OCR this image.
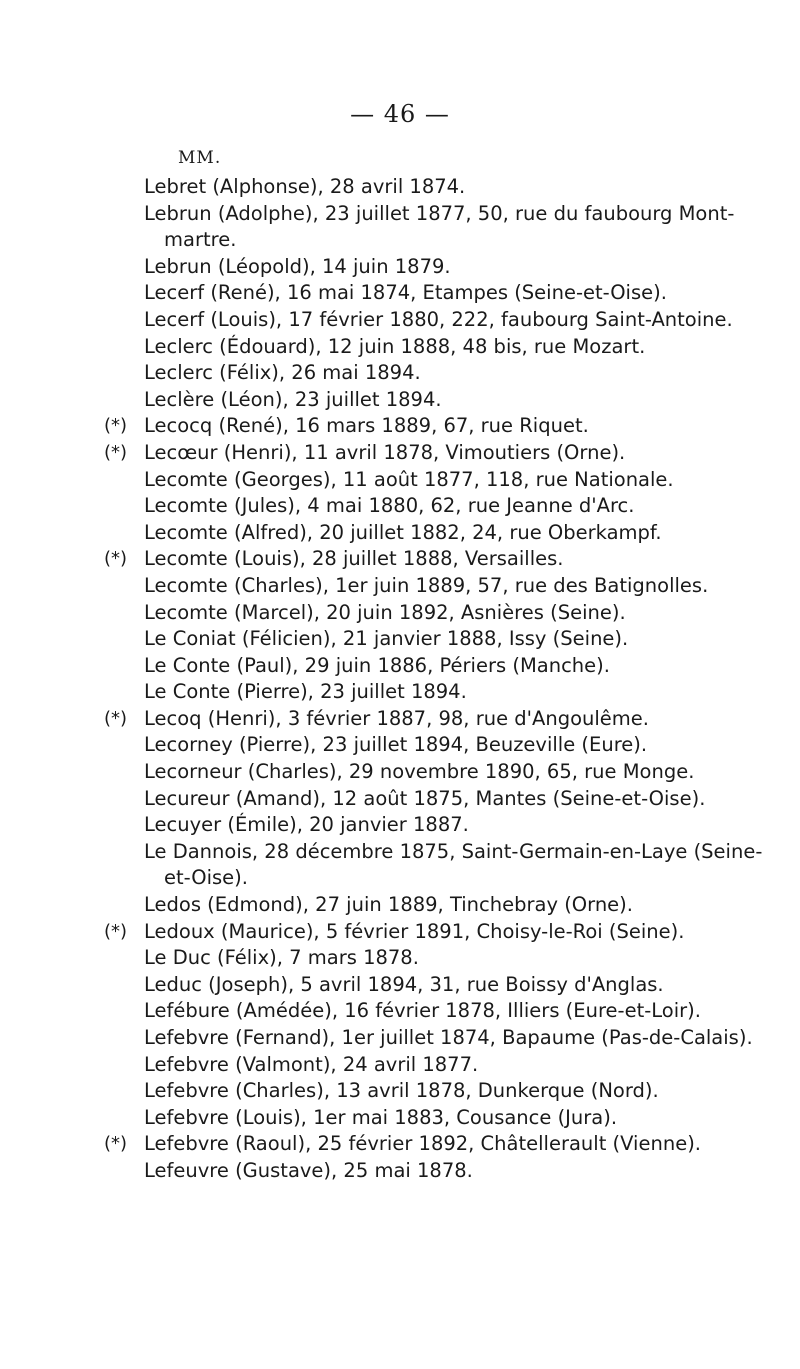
— 46 —
MM.
Lebret (Alphonse), 28 avril 1874.
Lebrun (Adolphe), 23 juillet 1877, 50, rue du faubourg Mont-
martre.
Lebrun (Léopold), 14 juin 1879.
Lecerf (René), 16 mai 1874, Etampes (Seine-et-Oise).
Lecerf (Louis), 17 février 1880, 222, faubourg Saint-Antoine.
Leclerc (Édouard), 12 juin 1888, 48 bis, rue Mozart.
Leclerc (Félix), 26 mai 1894.
Leclère (Léon), 23 juillet 1894.
(*) Lecocq (René), 16 mars 1889, 67, rue Riquet.
(*) Lecœur (Henri), 11 avril 1878, Vimoutiers (Orne).
Lecomte (Georges), 11 août 1877, 118, rue Nationale.
Lecomte (Jules), 4 mai 1880, 62, rue Jeanne d'Arc.
Lecomte (Alfred), 20 juillet 1882, 24, rue Oberkampf.
(*) Lecomte (Louis), 28 juillet 1888, Versailles.
Lecomte (Charles), 1er juin 1889, 57, rue des Batignolles.
Lecomte (Marcel), 20 juin 1892, Asnières (Seine).
Le Coniat (Félicien), 21 janvier 1888, Issy (Seine).
Le Conte (Paul), 29 juin 1886, Périers (Manche).
Le Conte (Pierre), 23 juillet 1894.
(*) Lecoq (Henri), 3 février 1887, 98, rue d'Angoulême.
Lecorney (Pierre), 23 juillet 1894, Beuzeville (Eure).
Lecorneur (Charles), 29 novembre 1890, 65, rue Monge.
Lecureur (Amand), 12 août 1875, Mantes (Seine-et-Oise).
Lecuyer (Émile), 20 janvier 1887.
Le Dannois, 28 décembre 1875, Saint-Germain-en-Laye (Seine-
et-Oise).
Ledos (Edmond), 27 juin 1889, Tinchebray (Orne).
(*) Ledoux (Maurice), 5 février 1891, Choisy-le-Roi (Seine).
Le Duc (Félix), 7 mars 1878.
Leduc (Joseph), 5 avril 1894, 31, rue Boissy d'Anglas.
Lefébure (Amédée), 16 février 1878, Illiers (Eure-et-Loir).
Lefebvre (Fernand), 1er juillet 1874, Bapaume (Pas-de-Calais).
Lefebvre (Valmont), 24 avril 1877.
Lefebvre (Charles), 13 avril 1878, Dunkerque (Nord).
Lefebvre (Louis), 1er mai 1883, Cousance (Jura).
(*) Lefebvre (Raoul), 25 février 1892, Châtellerault (Vienne).
Lefeuvre (Gustave), 25 mai 1878.
